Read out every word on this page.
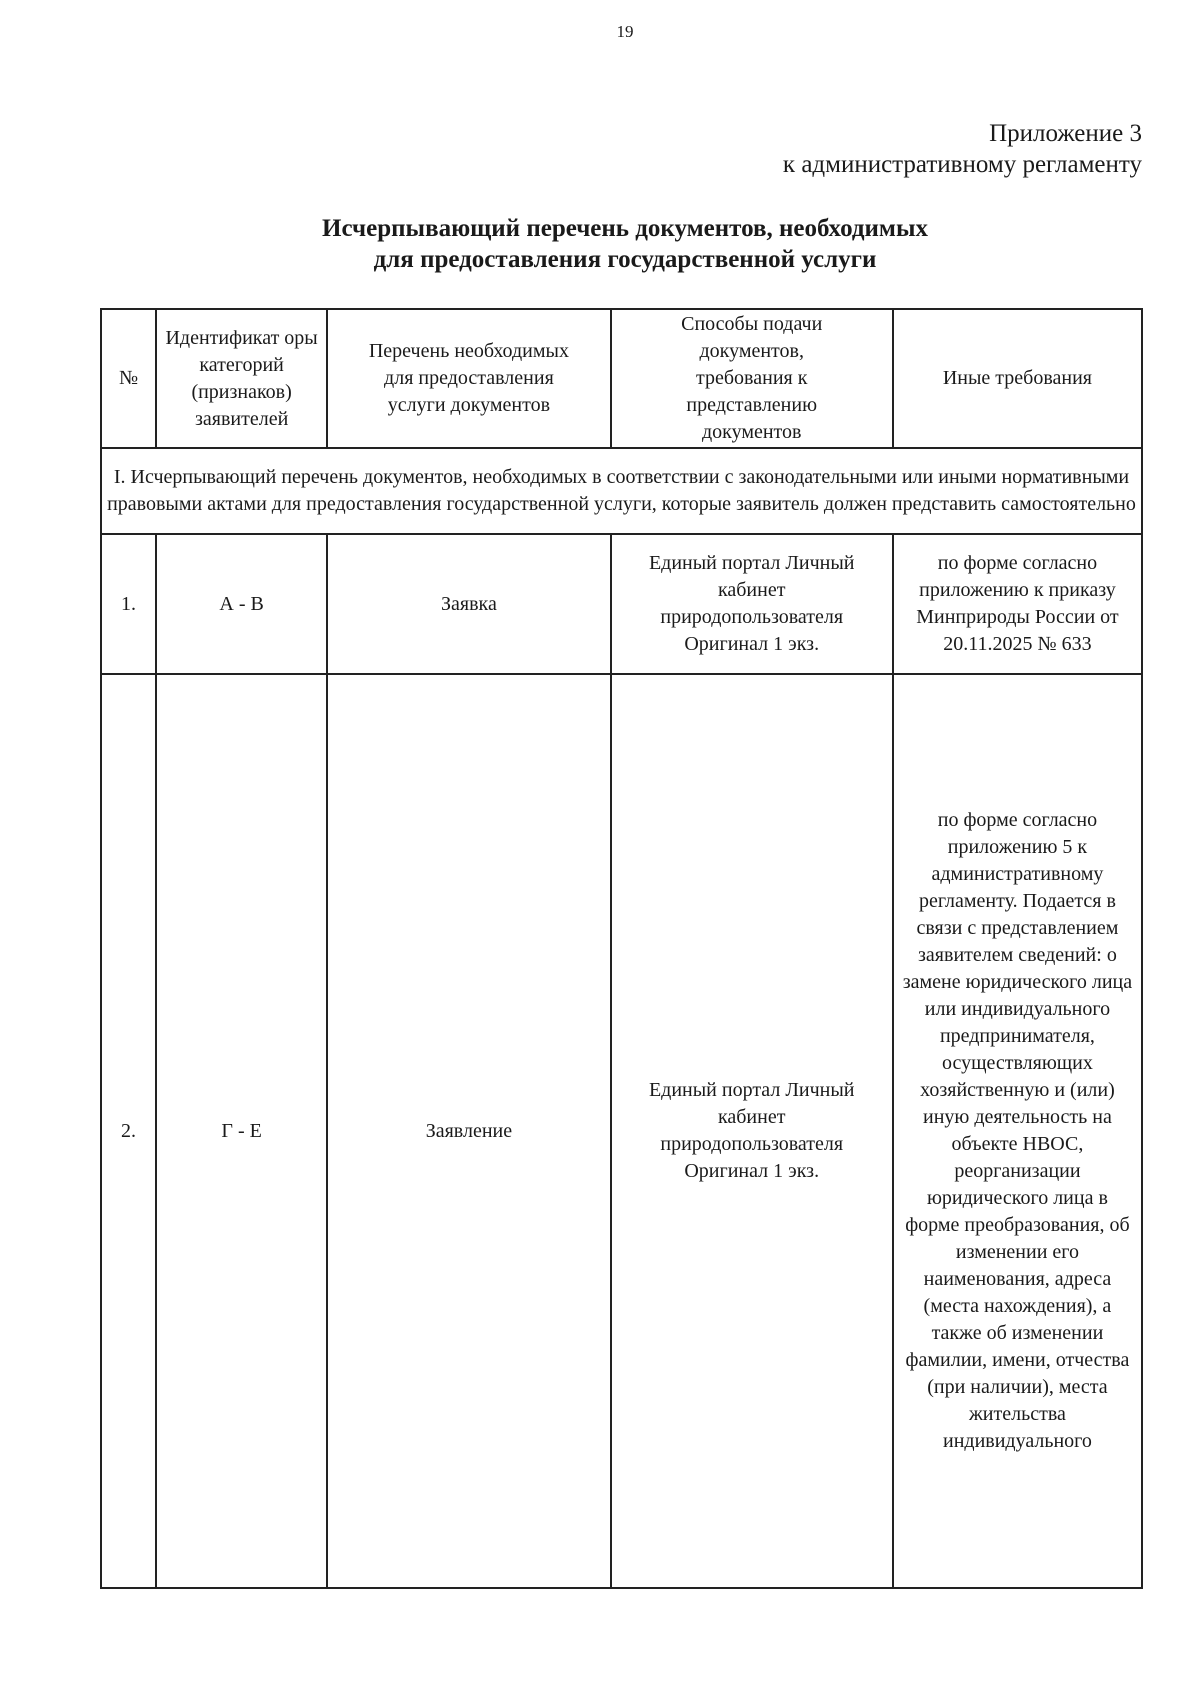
19
Приложение 3
к административному регламенту
Исчерпывающий перечень документов, необходимых
для предоставления государственной услуги
№	Идентификат оры категорий (признаков) заявителей	Перечень необходимых для предоставления услуги документов	Способы подачи документов, требования к представлению документов	Иные требования
I. Исчерпывающий перечень документов, необходимых в соответствии с законодательными или иными нормативными правовыми актами для предоставления государственной услуги, которые заявитель должен представить самостоятельно				
1.	А - В	Заявка	Единый портал Личный кабинет природопользователя Оригинал 1 экз.	по форме согласно приложению к приказу Минприроды России от 20.11.2025 № 633
2.	Г - Е	Заявление	Единый портал Личный кабинет природопользователя Оригинал 1 экз.	по форме согласно приложению 5 к административному регламенту. Подается в связи с представлением заявителем сведений: о замене юридического лица или индивидуального предпринимателя, осуществляющих хозяйственную и (или) иную деятельность на объекте НВОС, реорганизации юридического лица в форме преобразования, об изменении его наименования, адреса (места нахождения), а также об изменении фамилии, имени, отчества (при наличии), места жительства индивидуального
